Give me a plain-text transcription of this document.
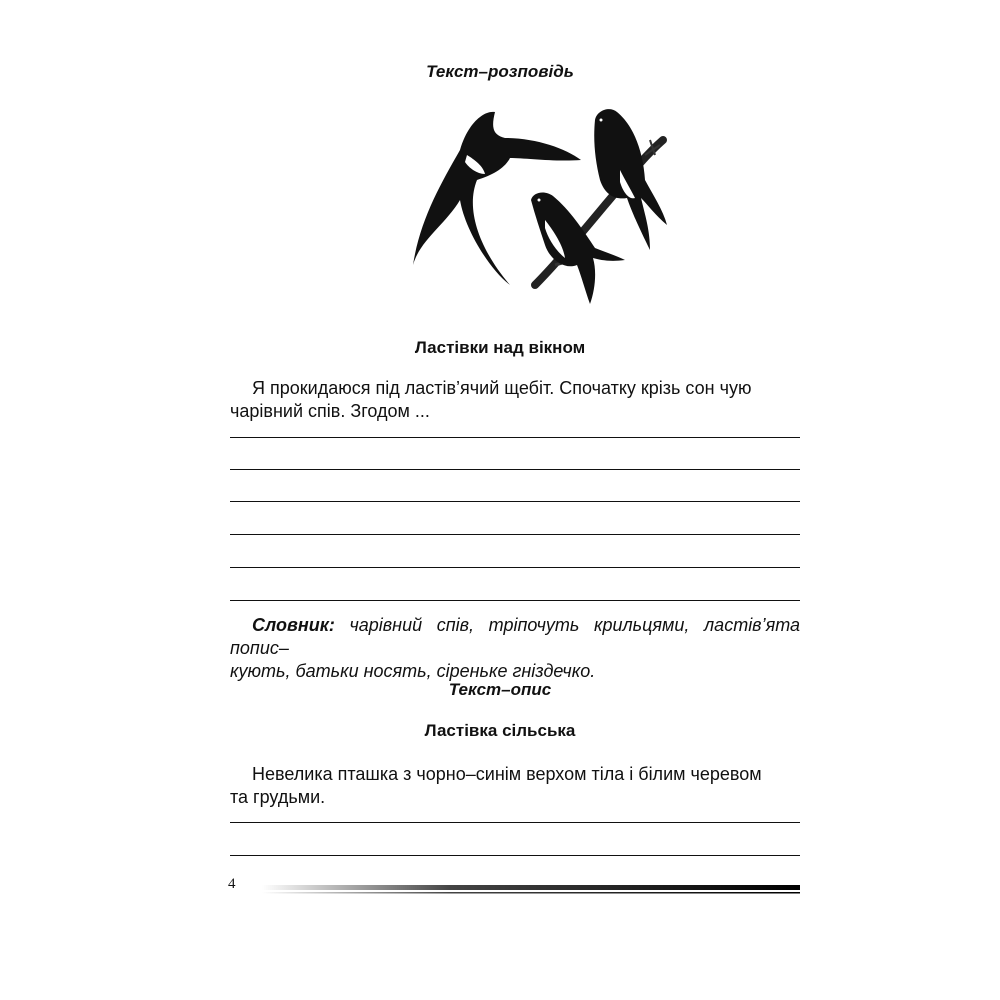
Текст–розповідь
Ластівки над вікном
Я прокидаюся під ластів’ячий щебіт. Спочатку крізь сон чую
чарівний спів. Згодом ...
Словник: чарівний спів, тріпочуть крильцями, ластів’ята попис–
кують, батьки носять, сіреньке гніздечко.
Текст–опис
Ластівка сільська
Невелика пташка з чорно–синім верхом тіла і білим черевом
та грудьми.
4
